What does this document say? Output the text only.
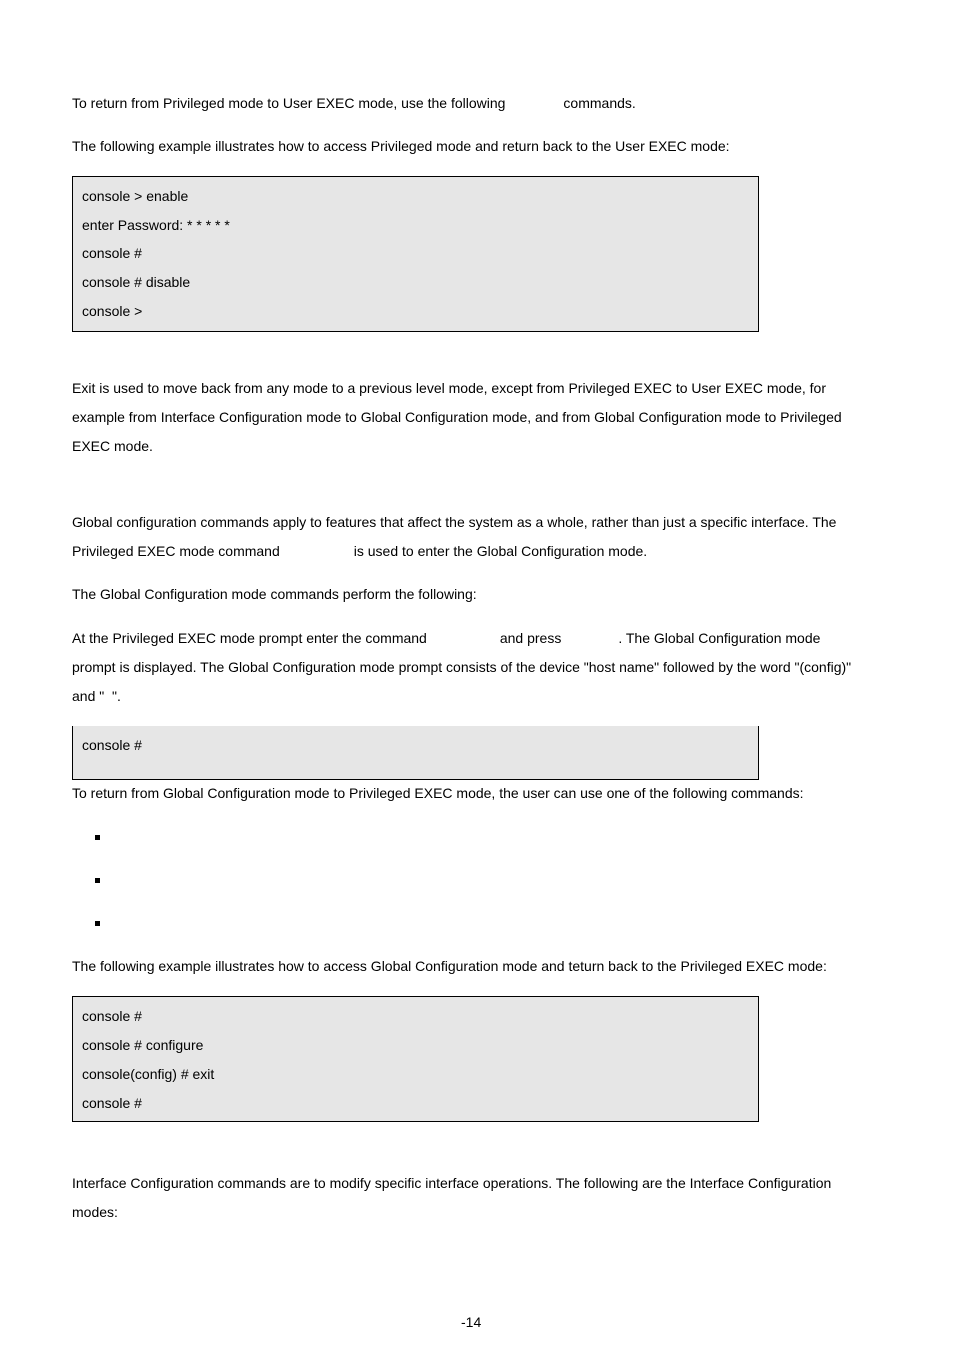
To return from Privileged mode to User EXEC mode, use the following	commands.

The following example illustrates how to access Privileged mode and return back to the User EXEC mode:

console > enable
enter Password: * * * * *
console #
console # disable
console >
Exit is used to move back from any mode to a previous level mode, except from Privileged EXEC to User EXEC mode, for
example from Interface Configuration mode to Global Configuration mode, and from Global Configuration mode to Privileged
EXEC mode.
Global configuration commands apply to features that affect the system as a whole, rather than just a specific interface. The
Privileged EXEC mode command	is used to enter the Global Configuration mode.

The Global Configuration mode commands perform the following:

At the Privileged EXEC mode prompt enter the command	and press	. The Global Configuration mode
prompt is displayed. The Global Configuration mode prompt consists of the device "host name" followed by the word "(config)"
and "  ".
console #

To return from Global Configuration mode to Privileged EXEC mode, the user can use one of the following commands:

The following example illustrates how to access Global Configuration mode and teturn back to the Privileged EXEC mode:

console #
console # configure
console(config) # exit
console #
Interface Configuration commands are to modify specific interface operations. The following are the Interface Configuration
modes:
-14
